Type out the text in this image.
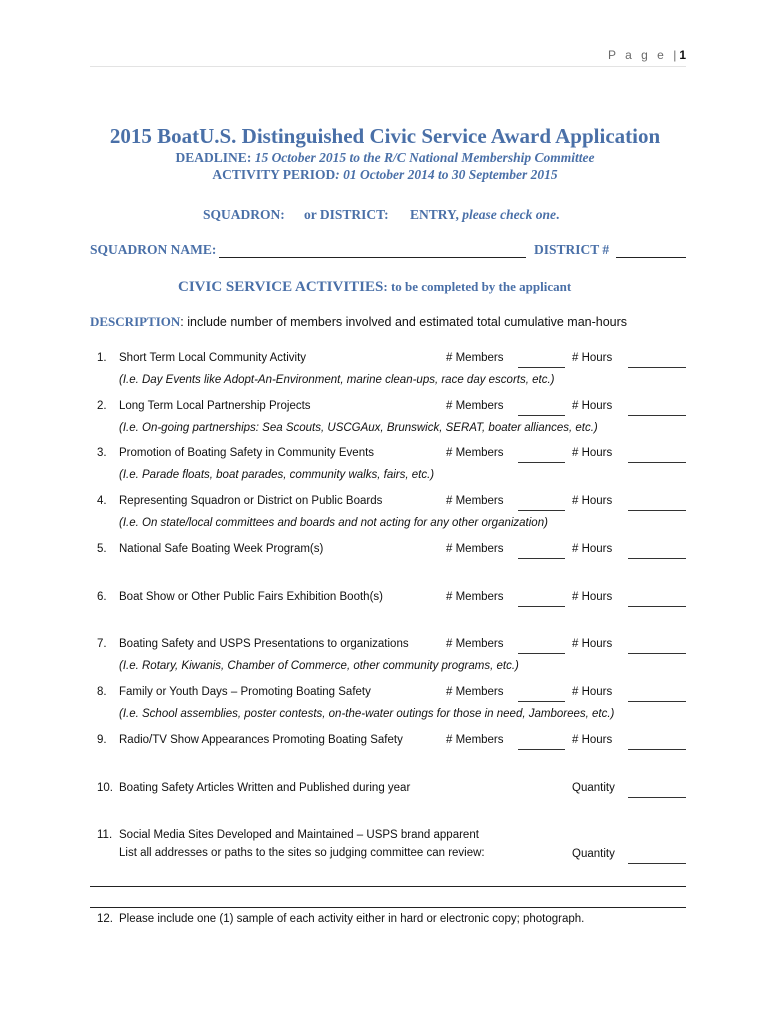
P a g e |1
2015 BoatU.S. Distinguished Civic Service Award Application
DEADLINE: 15 October 2015 to the R/C National Membership Committee
ACTIVITY PERIOD: 01 October 2014 to 30 September 2015
SQUADRON: or DISTRICT: ENTRY, please check one.
SQUADRON NAME:	DISTRICT #
CIVIC SERVICE ACTIVITIES: to be completed by the applicant
DESCRIPTION: include number of members involved and estimated total cumulative man-hours
1. Short Term Local Community Activity	# Members	# Hours
(I.e. Day Events like Adopt-An-Environment, marine clean-ups, race day escorts, etc.)
2. Long Term Local Partnership Projects	# Members	# Hours
(I.e. On-going partnerships: Sea Scouts, USCGAux, Brunswick, SERAT, boater alliances, etc.)
3. Promotion of Boating Safety in Community Events	# Members	# Hours
(I.e. Parade floats, boat parades, community walks, fairs, etc.)
4. Representing Squadron or District on Public Boards	# Members	# Hours
(I.e. On state/local committees and boards and not acting for any other organization)
5. National Safe Boating Week Program(s)	# Members	# Hours
6. Boat Show or Other Public Fairs Exhibition Booth(s)	# Members	# Hours
7. Boating Safety and USPS Presentations to organizations	# Members	# Hours
(I.e. Rotary, Kiwanis, Chamber of Commerce, other community programs, etc.)
8. Family or Youth Days – Promoting Boating Safety	# Members	# Hours
(I.e. School assemblies, poster contests, on-the-water outings for those in need, Jamborees, etc.)
9. Radio/TV Show Appearances Promoting Boating Safety	# Members	# Hours
10. Boating Safety Articles Written and Published during year	Quantity
11. Social Media Sites Developed and Maintained – USPS brand apparent
List all addresses or paths to the sites so judging committee can review:	Quantity
12. Please include one (1) sample of each activity either in hard or electronic copy; photograph.
